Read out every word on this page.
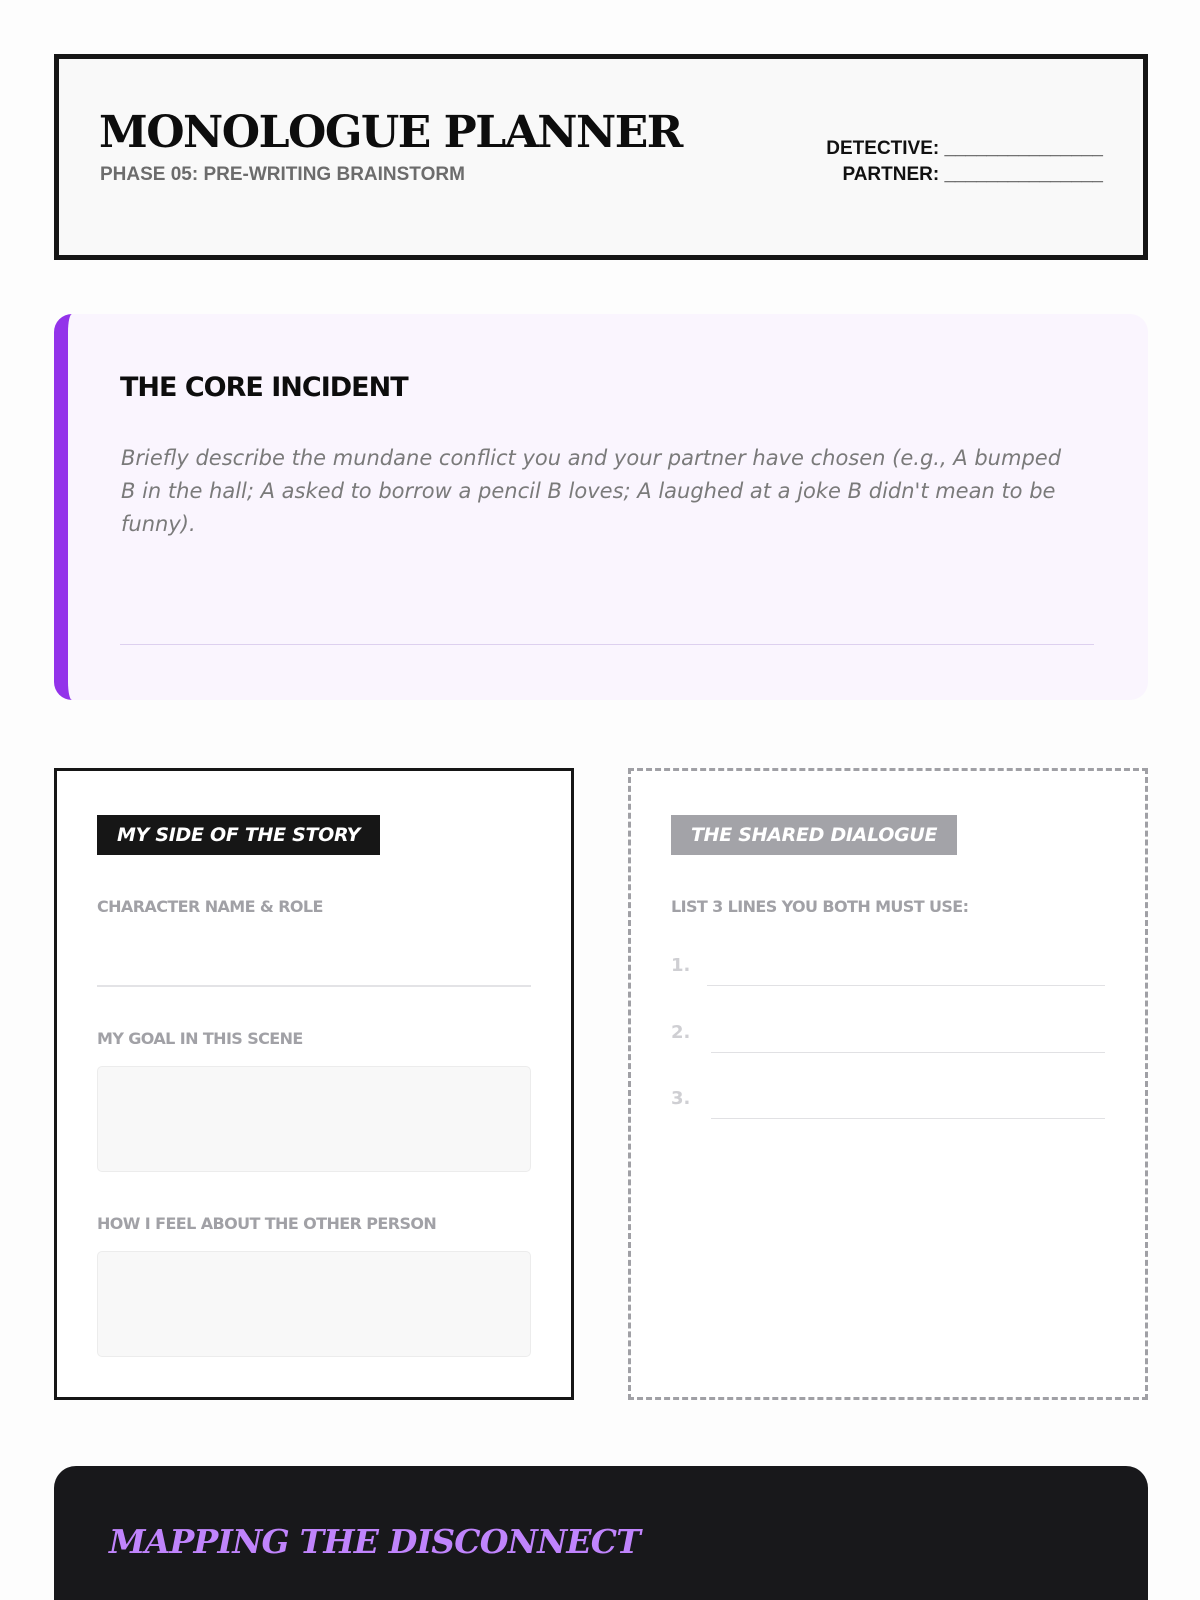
MONOLOGUE PLANNER
PHASE 05: PRE-WRITING BRAINSTORM
DETECTIVE: _______________
PARTNER: _______________
THE CORE INCIDENT
Briefly describe the mundane conflict you and your partner have chosen (e.g., A bumped B in the hall; A asked to borrow a pencil B loves; A laughed at a joke B didn't mean to be funny).
MY SIDE OF THE STORY
CHARACTER NAME & ROLE
MY GOAL IN THIS SCENE
HOW I FEEL ABOUT THE OTHER PERSON
THE SHARED DIALOGUE
LIST 3 LINES YOU BOTH MUST USE:
1.
2.
3.
MAPPING THE DISCONNECT
